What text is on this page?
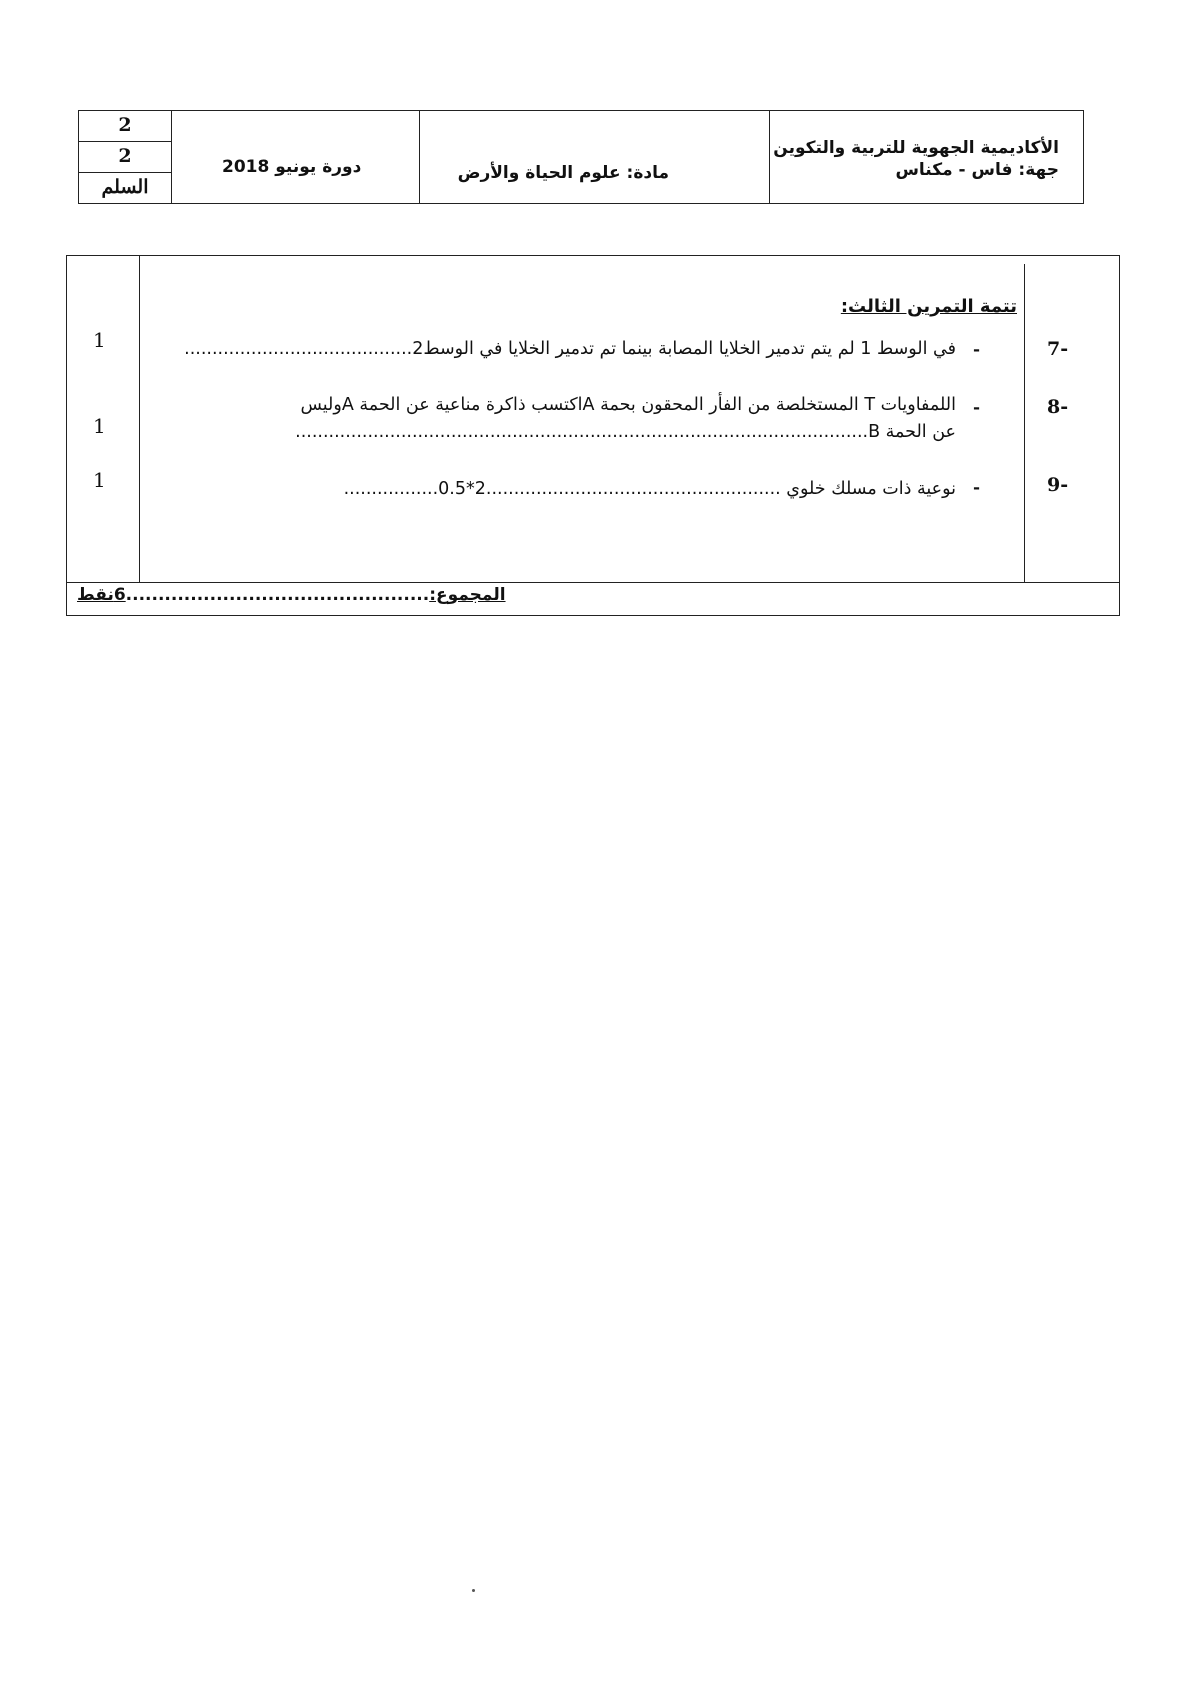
2
2
السلم
دورة يونيو 2018	مادة: علوم الحياة والأرض
الأكاديمية الجهوية للتربية والتكوين
جهة: فاس - مكناس
تتمة التمرين الثالث:
7-
-
في الوسط 1 لم يتم تدمير الخلايا المصابة بينما تم تدمير الخلايا في الوسط2.........................................
1
8-
-
اللمفاويات T المستخلصة من الفأر المحقون بحمة Aاكتسب ذاكرة مناعية عن الحمة Aوليس
عن الحمة B.......................................................................................................
1
9-
-
نوعية ذات مسلك خلوي .....................................................2*0.5.................
1
المجموع:...............................................6نقط
